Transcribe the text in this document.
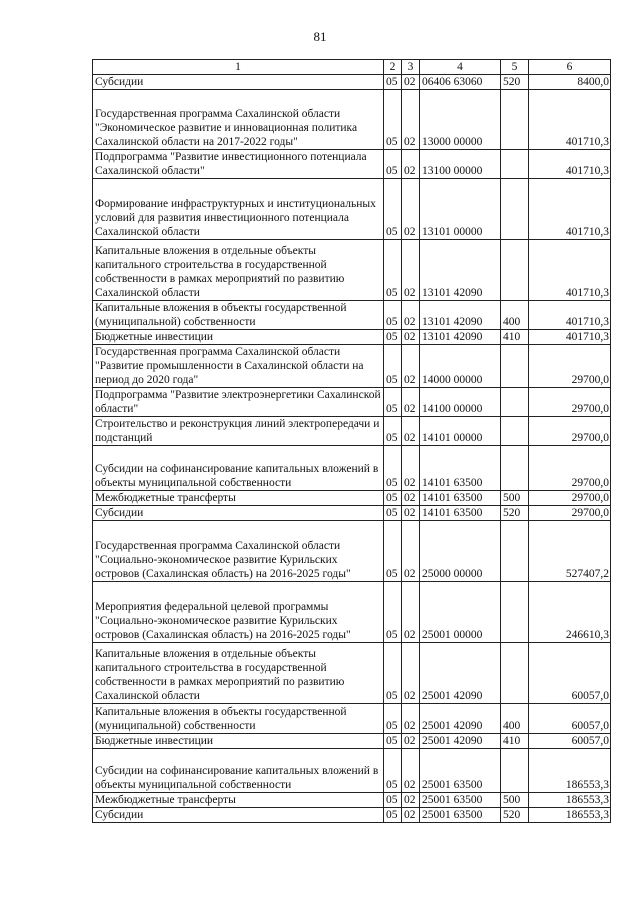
81
1	2	3	4	5	6
Субсидии	05	02	06406 63060	520	8400,0
Государственная программа Сахалинской области "Экономическое развитие и инновационная политика Сахалинской области на 2017-2022 годы"	05	02	13000 00000		401710,3
Подпрограмма "Развитие инвестиционного потенциала Сахалинской области"	05	02	13100 00000		401710,3
Формирование инфраструктурных и институциональных условий для развития инвестиционного потенциала Сахалинской области	05	02	13101 00000		401710,3
Капитальные вложения в отдельные объекты капитального строительства в государственной собственности в рамках мероприятий по развитию Сахалинской области	05	02	13101 42090		401710,3
Капитальные вложения в объекты государственной (муниципальной) собственности	05	02	13101 42090	400	401710,3
Бюджетные инвестиции	05	02	13101 42090	410	401710,3
Государственная программа Сахалинской области "Развитие промышленности в Сахалинской области на период до 2020 года"	05	02	14000 00000		29700,0
Подпрограмма "Развитие электроэнергетики Сахалинской области"	05	02	14100 00000		29700,0
Строительство и реконструкция линий электропередачи и подстанций	05	02	14101 00000		29700,0
Субсидии на софинансирование капитальных вложений в объекты муниципальной собственности	05	02	14101 63500		29700,0
Межбюджетные трансферты	05	02	14101 63500	500	29700,0
Субсидии	05	02	14101 63500	520	29700,0
Государственная программа Сахалинской области "Социально-экономическое развитие Курильских островов (Сахалинская область) на 2016-2025 годы"	05	02	25000 00000		527407,2
Мероприятия федеральной целевой программы "Социально-экономическое развитие Курильских островов (Сахалинская область) на 2016-2025 годы"	05	02	25001 00000		246610,3
Капитальные вложения в отдельные объекты капитального строительства в государственной собственности в рамках мероприятий по развитию Сахалинской области	05	02	25001 42090		60057,0
Капитальные вложения в объекты государственной (муниципальной) собственности	05	02	25001 42090	400	60057,0
Бюджетные инвестиции	05	02	25001 42090	410	60057,0
Субсидии на софинансирование капитальных вложений в объекты муниципальной собственности	05	02	25001 63500		186553,3
Межбюджетные трансферты	05	02	25001 63500	500	186553,3
Субсидии	05	02	25001 63500	520	186553,3
